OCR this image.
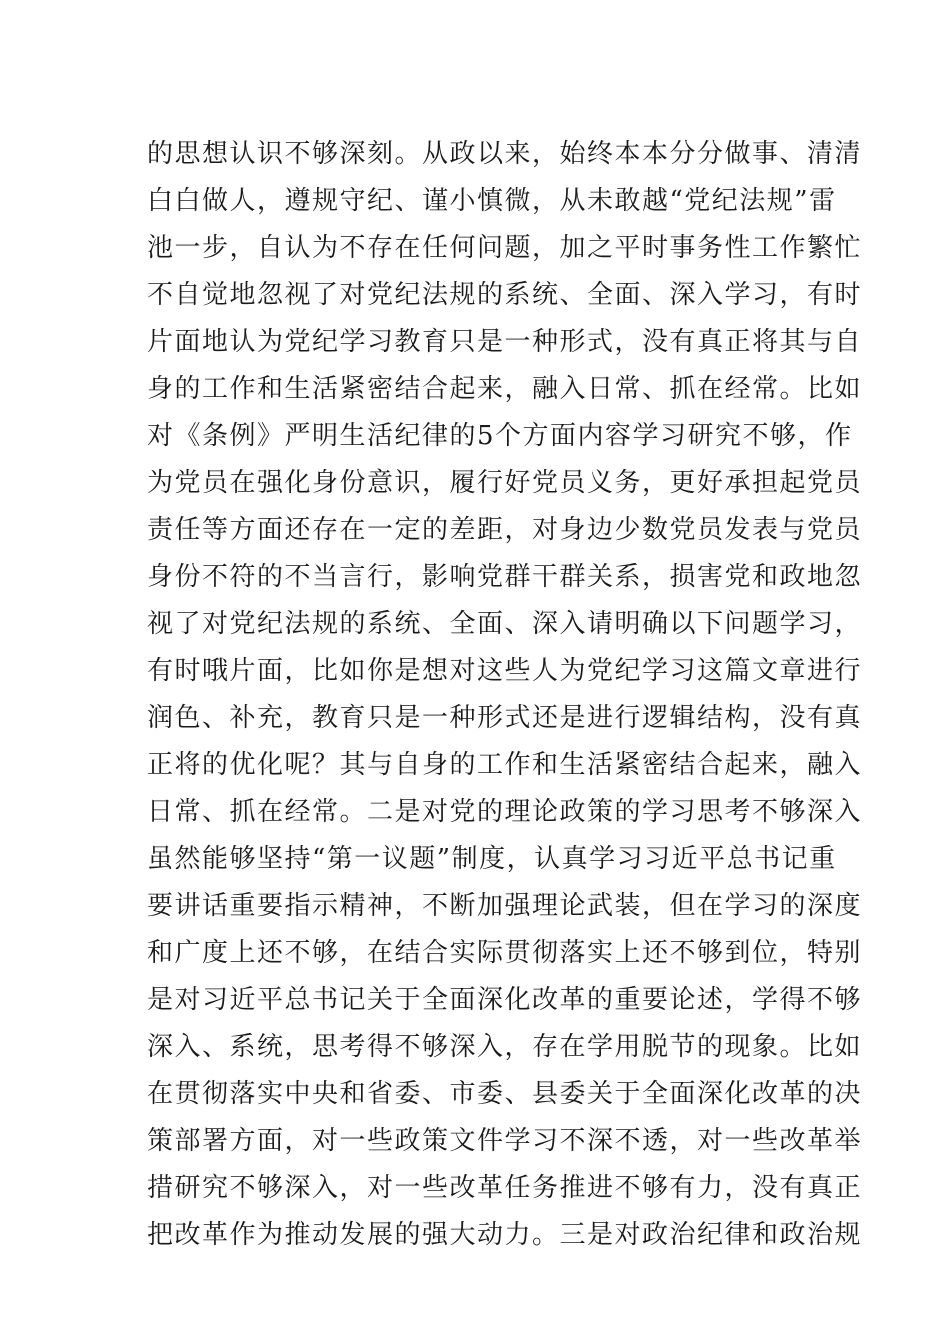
的思想认识不够深刻。从政以来，始终本本分分做事、清清
白白做人，遵规守纪、谨小慎微，从未敢越“党纪法规”雷
池一步，自认为不存在任何问题，加之平时事务性工作繁忙
不自觉地忽视了对党纪法规的系统、全面、深入学习，有时
片面地认为党纪学习教育只是一种形式，没有真正将其与自
身的工作和生活紧密结合起来，融入日常、抓在经常。比如
对《条例》严明生活纪律的5个方面内容学习研究不够，作
为党员在强化身份意识，履行好党员义务，更好承担起党员
责任等方面还存在一定的差距，对身边少数党员发表与党员
身份不符的不当言行，影响党群干群关系，损害党和政地忽
视了对党纪法规的系统、全面、深入请明确以下问题学习，
有时哦片面，比如你是想对这些人为党纪学习这篇文章进行
润色、补充，教育只是一种形式还是进行逻辑结构，没有真
正将的优化呢？其与自身的工作和生活紧密结合起来，融入
日常、抓在经常。二是对党的理论政策的学习思考不够深入
虽然能够坚持“第一议题”制度，认真学习习近平总书记重
要讲话重要指示精神，不断加强理论武装，但在学习的深度
和广度上还不够，在结合实际贯彻落实上还不够到位，特别
是对习近平总书记关于全面深化改革的重要论述，学得不够
深入、系统，思考得不够深入，存在学用脱节的现象。比如
在贯彻落实中央和省委、市委、县委关于全面深化改革的决
策部署方面，对一些政策文件学习不深不透，对一些改革举
措研究不够深入，对一些改革任务推进不够有力，没有真正
把改革作为推动发展的强大动力。三是对政治纪律和政治规
